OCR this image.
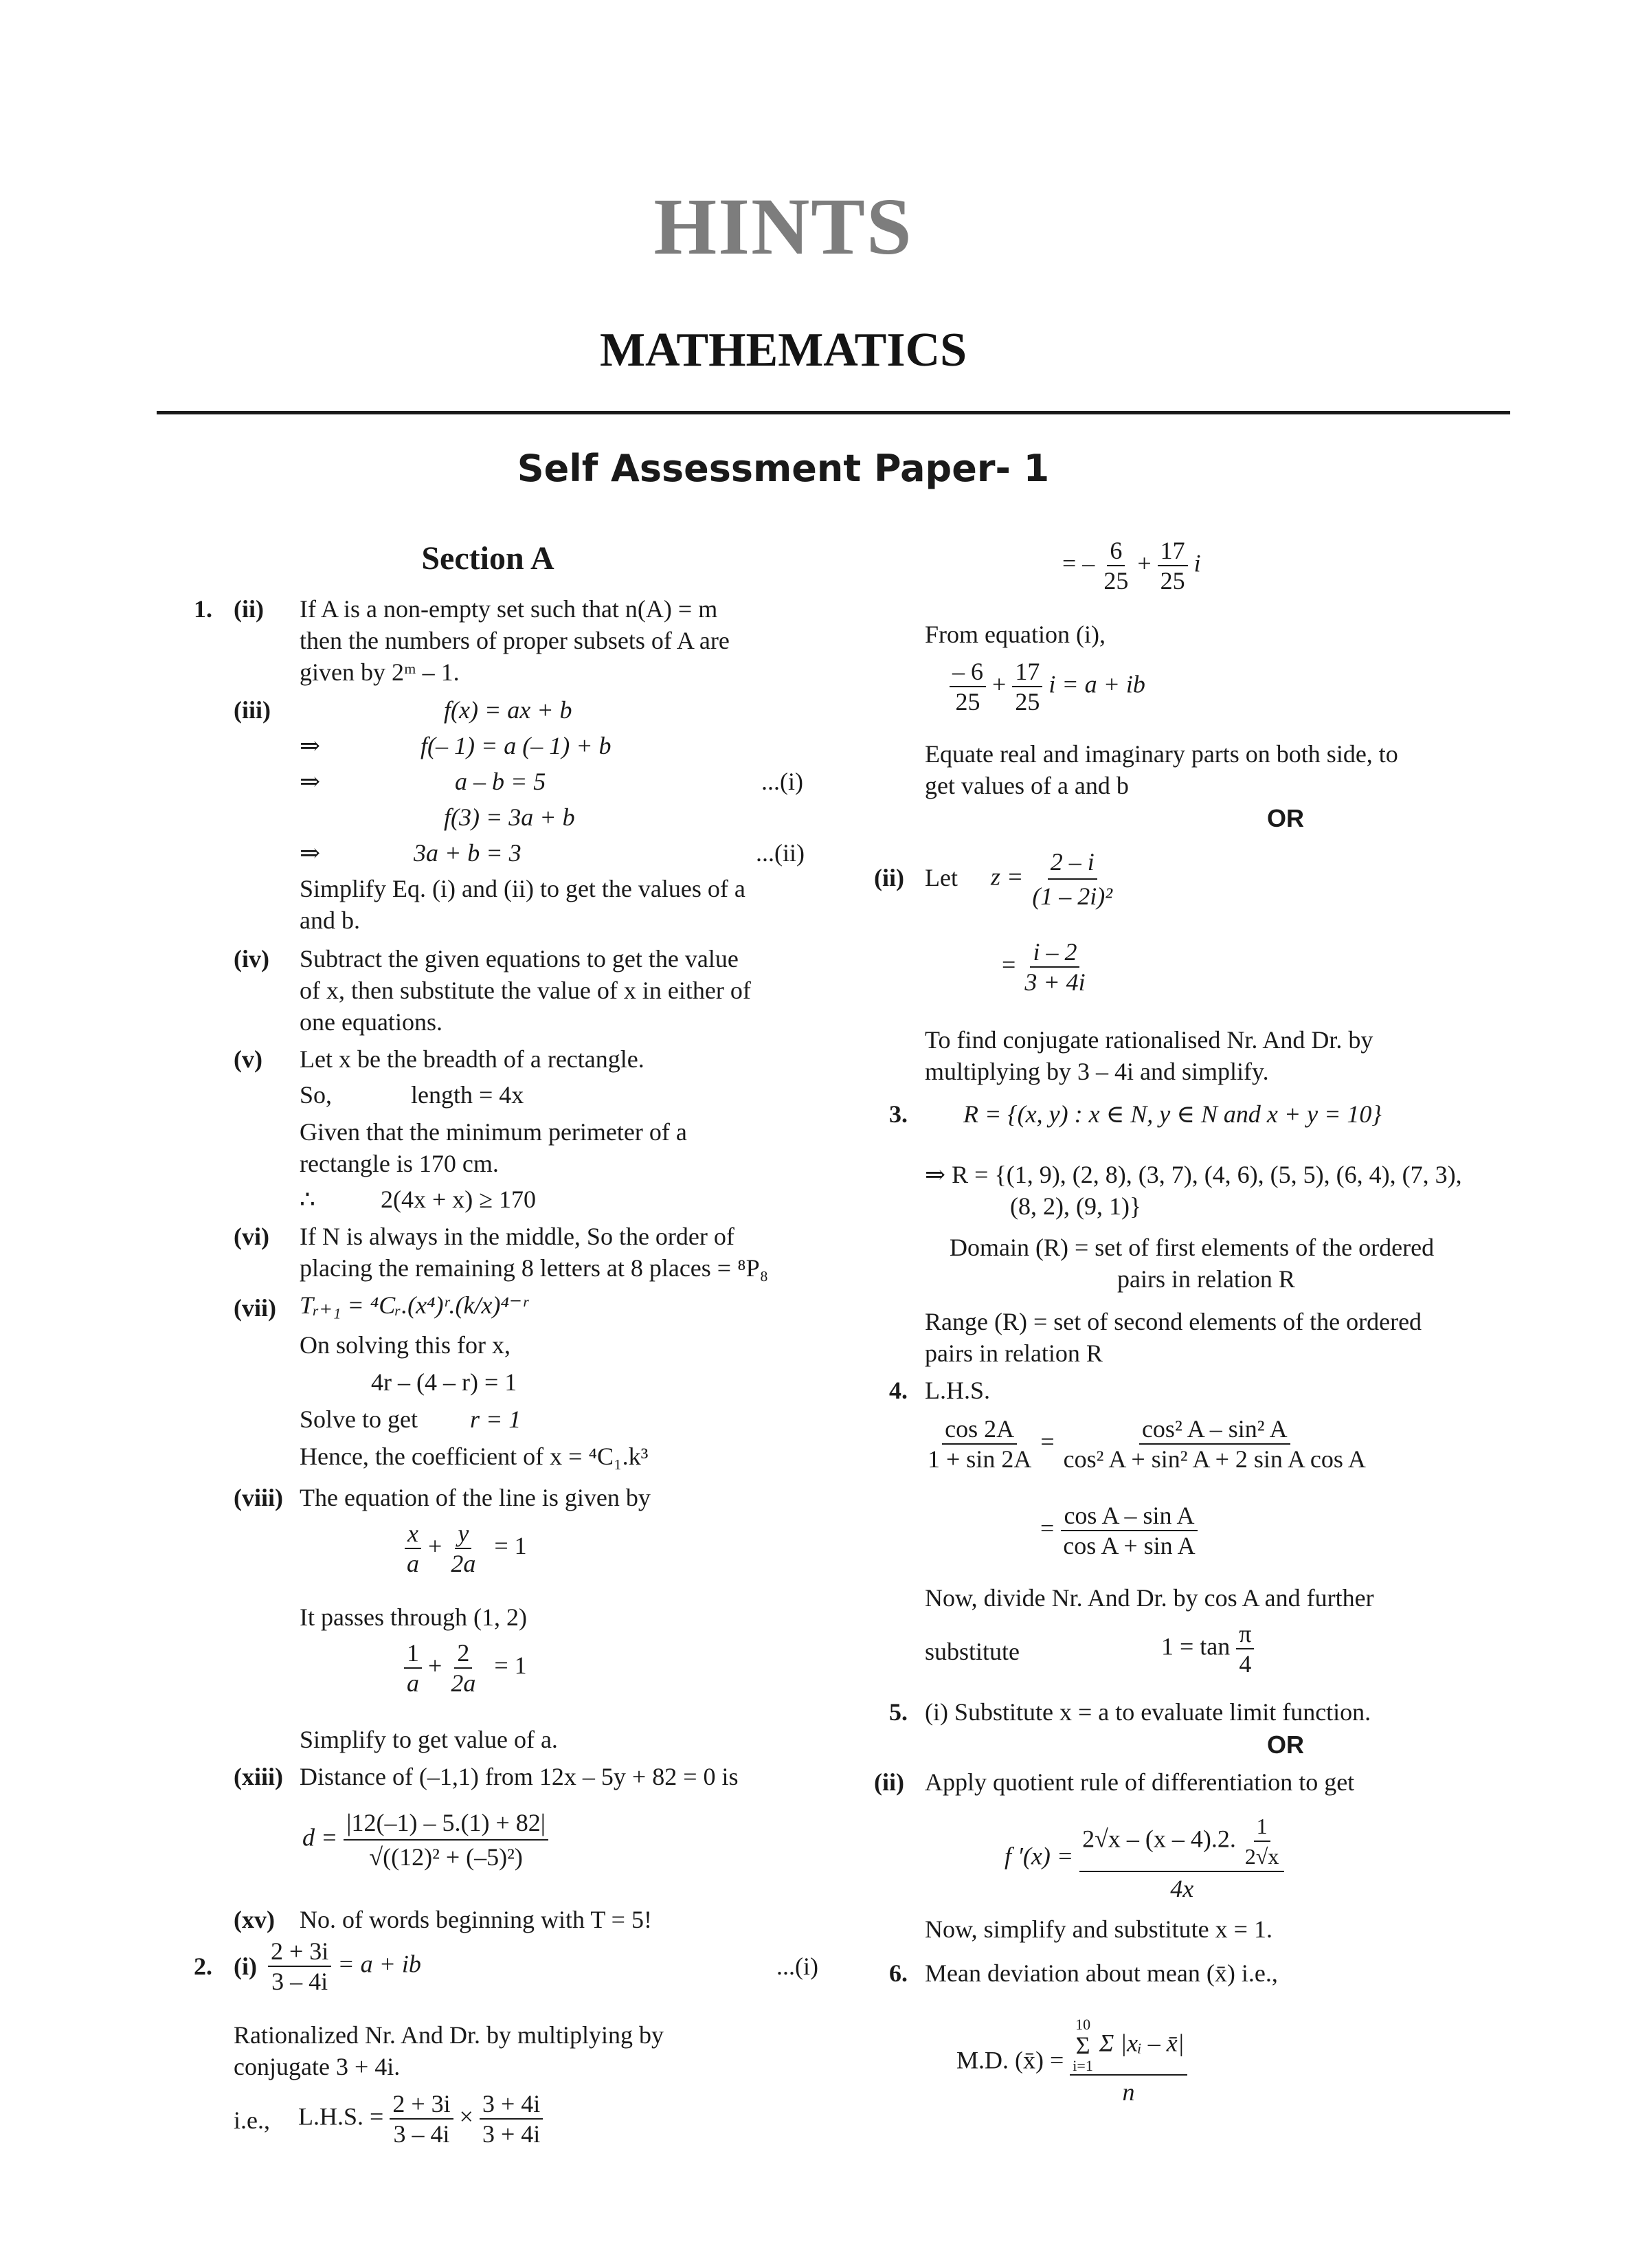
HINTS
MATHEMATICS
Self Assessment Paper- 1
Section A
1. (ii) If A is a non-empty set such that n(A) = m
then the numbers of proper subsets of A are
given by 2ᵐ – 1.
(iii)	f(x) = ax + b
⇒	f(– 1) = a (– 1) + b
⇒	a – b = 5	...(i)
f(3) = 3a + b
⇒	3a + b = 3	...(ii)
Simplify Eq. (i) and (ii) to get the values of a
and b.
(iv) Subtract the given equations to get the value
of x, then substitute the value of x in either of
one equations.
(v) Let x be the breadth of a rectangle.
So,	length = 4x
Given that the minimum perimeter of a
rectangle is 170 cm.
∴	2(4x + x) ≥ 170
(vi) If N is always in the middle, So the order of
placing the remaining 8 letters at 8 places = ⁸P₈
(vii) Tᵣ₊₁ = ⁴Cᵣ.(x⁴)ʳ.(k/x)⁴⁻ʳ
On solving this for x,
4r – (4 – r) = 1
Solve to get r = 1
Hence, the coefficient of x = ⁴C₁.k³
(viii) The equation of the line is given by
$\frac{x}{a} + \frac{y}{2a} = 1$
It passes through (1, 2)
$\frac{1}{a} + \frac{2}{2a} = 1$
Simplify to get value of a.
(xiii) Distance of (–1,1) from 12x – 5y + 82 = 0 is
$d = \frac{|12(-1) - 5.(1) + 82|}{\text{√((12)² + (–5)²)}}$
(xv) No. of words beginning with T = 5!
2. $(i) \frac{2 + 3i}{3 - 4i} = a$ + ib	...(i)
Rationalized Nr. And Dr. by multiplying by
conjugate 3 + 4i.
i.e., L.H.S. = $\frac{2 + 3i}{3 - 4i} \times \frac{3 + 4i}{3 + 4i}$
= – $\frac{6}{25} + \frac{17}{25}$ i
From equation (i),
$\frac{- 6}{25} + \frac{17}{25}$ i = a + ib
Equate real and imaginary parts on both side, to
get values of a and b
OR
(ii) Let $z = \frac{2 - i}{\text{(1 – 2i)²}}$
= $\frac{i - 2}{3 + 4i}$
To find conjugate rationalised Nr. And Dr. by
multiplying by 3 – 4i and simplify.
3. R = {(x, y) : x ∈ N, y ∈ N and x + y = 10}
⇒ R = {(1, 9), (2, 8), (3, 7), (4, 6), (5, 5), (6, 4), (7, 3),
(8, 2), (9, 1)}
Domain (R) = set of first elements of the ordered
pairs in relation R
Range (R) = set of second elements of the ordered
pairs in relation R
4. L.H.S.
$\frac{\cos 2A}{1 + \sin 2A} = \frac{\text{cos² A – sin² A}}{\text{cos² A + sin² A + 2 sin A cos A}}$
= $\frac{\text{cos A – sin A}}{\text{cos A + sin A}}$
Now, divide Nr. And Dr. by cos A and further
substitute	$1 = \tan \frac{\pi}{4}$
5. (i) Substitute x = a to evaluate limit function.
OR
(ii) Apply quotient rule of differentiation to get
f $'(x) = \frac{2√x - (x - 4).2. \frac{1}{2√x}}{4x}$
Now, simplify and substitute x = 1.
6. Mean deviation about mean (x̄) i.e.,
M.D. (x̄) = 10
Σ
i=1
Σ |xᵢ – x̄|
n
